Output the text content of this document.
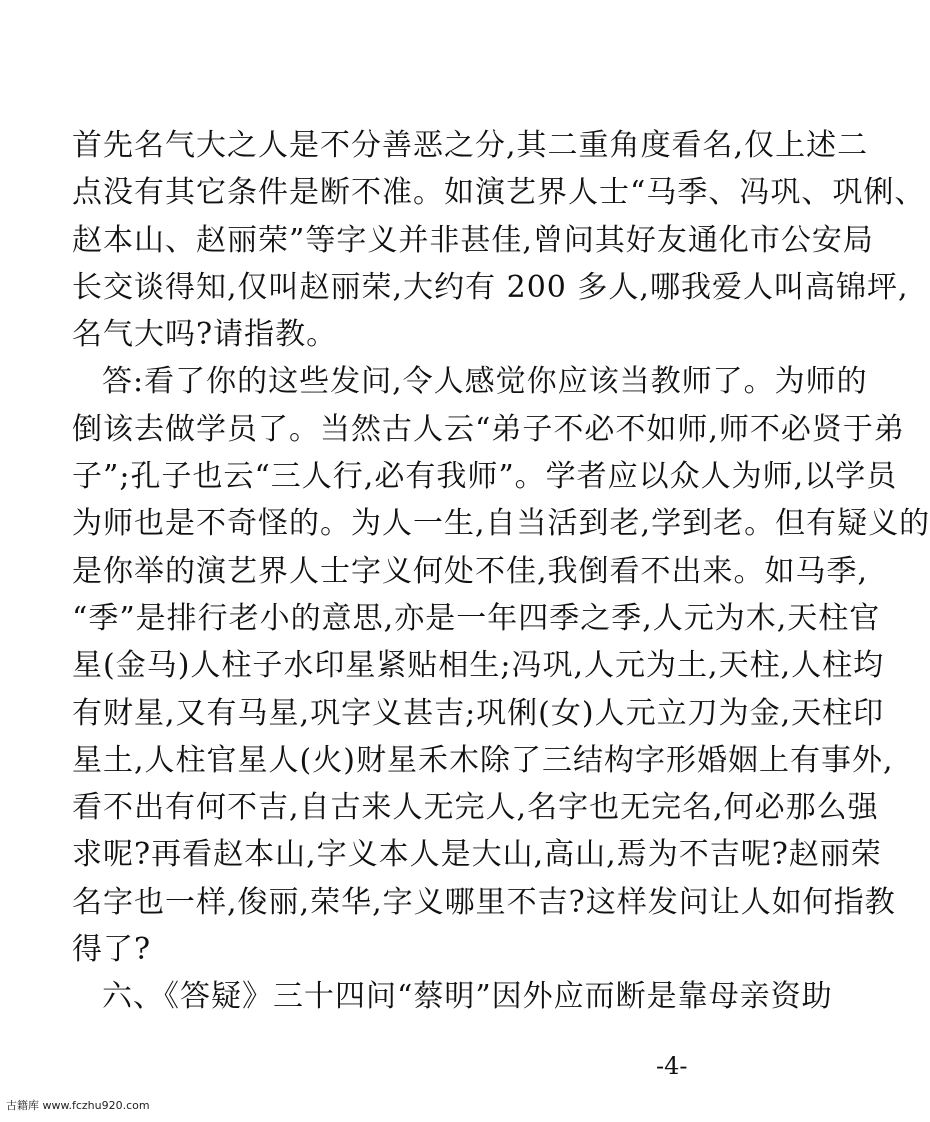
首先名气大之人是不分善恶之分,其二重角度看名,仅上述二
点没有其它条件是断不准。如演艺界人士“马季、冯巩、巩俐、
赵本山、赵丽荣”等字义并非甚佳,曾问其好友通化市公安局
长交谈得知,仅叫赵丽荣,大约有 200 多人,哪我爱人叫高锦坪,
名气大吗?请指教。

答:看了你的这些发问,令人感觉你应该当教师了。为师的
倒该去做学员了。当然古人云“弟子不必不如师,师不必贤于弟
子”;孔子也云“三人行,必有我师”。学者应以众人为师,以学员
为师也是不奇怪的。为人一生,自当活到老,学到老。但有疑义的
是你举的演艺界人士字义何处不佳,我倒看不出来。如马季,
“季”是排行老小的意思,亦是一年四季之季,人元为木,天柱官
星(金马)人柱子水印星紧贴相生;冯巩,人元为土,天柱,人柱均
有财星,又有马星,巩字义甚吉;巩俐(女)人元立刀为金,天柱印
星土,人柱官星人(火)财星禾木除了三结构字形婚姻上有事外,
看不出有何不吉,自古来人无完人,名字也无完名,何必那么强
求呢?再看赵本山,字义本人是大山,高山,焉为不吉呢?赵丽荣
名字也一样,俊丽,荣华,字义哪里不吉?这样发问让人如何指教
得了?

六、《答疑》三十四问“蔡明”因外应而断是靠母亲资助

-4-
古籍库 www.fczhu920.com
